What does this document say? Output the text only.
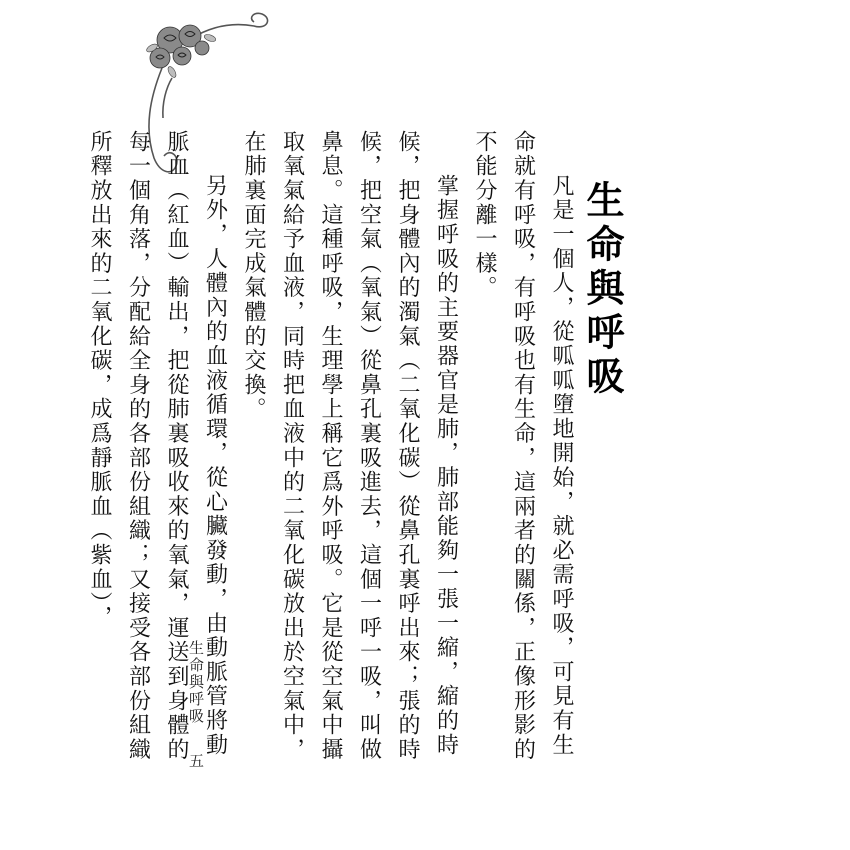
生命與呼吸

凡是一個人，從呱呱墮地開始，就必需呼吸，可見有生命就有呼吸，有呼吸也有生命，這兩者的關係，正像形影的不能分離一樣。

掌握呼吸的主要器官是肺，肺部能夠一張一縮，縮的時候，把身體內的濁氣（二氧化碳）從鼻孔裏呼出來；張的時候，把空氣（氧氣）從鼻孔裏吸進去，這個一呼一吸，叫做鼻息。這種呼吸，生理學上稱它爲外呼吸。它是從空氣中攝取氧氣給予血液，同時把血液中的二氧化碳放出於空氣中，在肺裏面完成氣體的交換。

另外，人體內的血液循環，從心臟發動，由動脈管將動脈血（紅血）輸出，把從肺裏吸收來的氧氣，運送到身體的每一個角落，分配給全身的各部份組織；又接受各部份組織所釋放出來的二氧化碳，成爲靜脈血（紫血），

生命與呼吸
五
